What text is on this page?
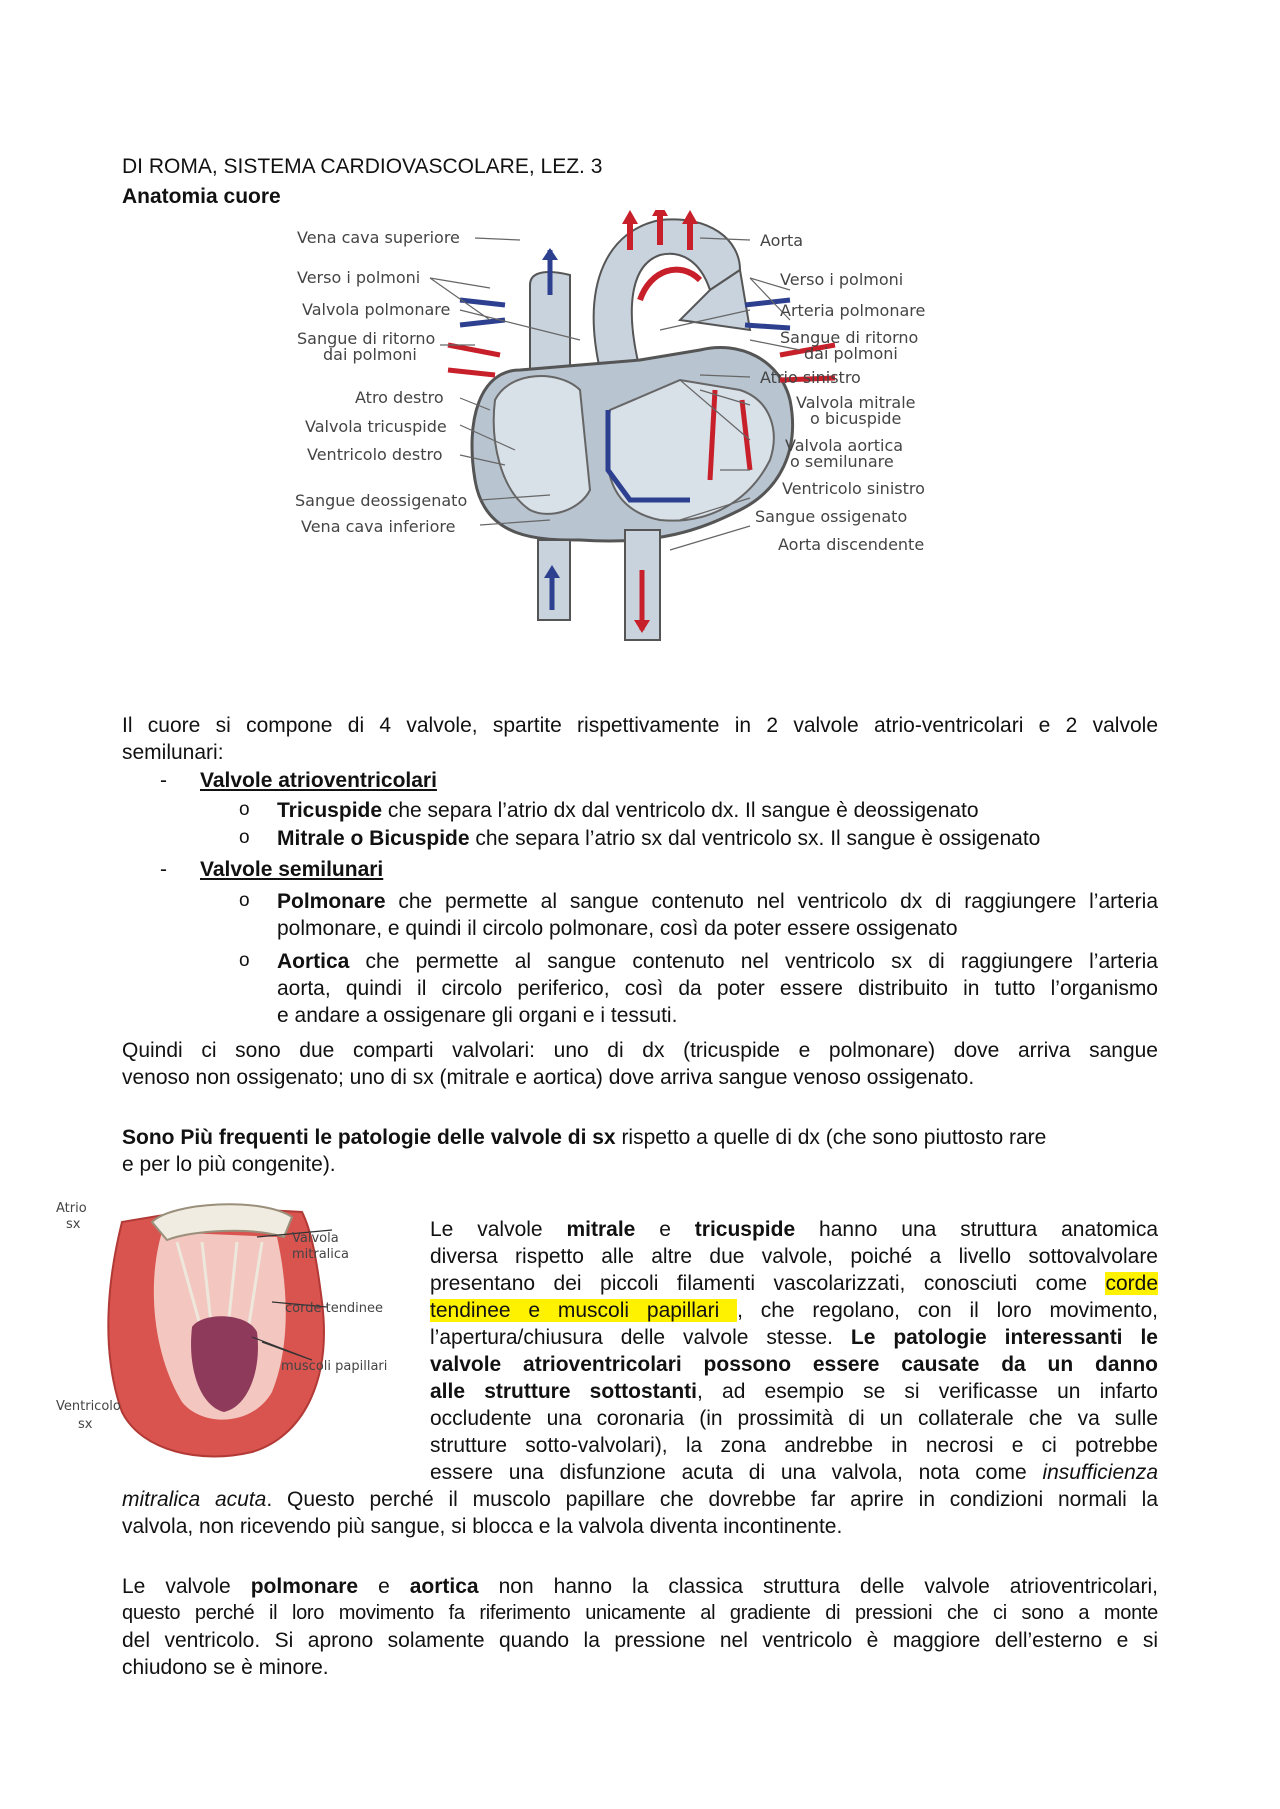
DI ROMA, SISTEMA CARDIOVASCOLARE, LEZ. 3
Anatomia cuore
Vena cava superiore
Verso i polmoni
Valvola polmonare
Sangue di ritorno
dai polmoni
Atro destro
Valvola tricuspide
Ventricolo destro
Sangue deossigenato
Vena cava inferiore
Aorta
Verso i polmoni
Arteria polmonare
Sangue di ritorno
dai polmoni
Atrio sinistro
Valvola mitrale
o bicuspide
Valvola aortica
o semilunare
Ventricolo sinistro
Sangue ossigenato
Aorta discendente
Il cuore si compone di 4 valvole, spartite rispettivamente in 2 valvole atrio-ventricolari e 2 valvole
semilunari:
- Valvole atrioventricolari
o Tricuspide che separa l’atrio dx dal ventricolo dx. Il sangue è deossigenato
o Mitrale o Bicuspide che separa l’atrio sx dal ventricolo sx. Il sangue è ossigenato
- Valvole semilunari
o Polmonare che permette al sangue contenuto nel ventricolo dx di raggiungere l’arteria
polmonare, e quindi il circolo polmonare, così da poter essere ossigenato
o Aortica che permette al sangue contenuto nel ventricolo sx di raggiungere l’arteria
aorta, quindi il circolo periferico, così da poter essere distribuito in tutto l’organismo
e andare a ossigenare gli organi e i tessuti.
Quindi ci sono due comparti valvolari: uno di dx (tricuspide e polmonare) dove arriva sangue
venoso non ossigenato; uno di sx (mitrale e aortica) dove arriva sangue venoso ossigenato.
Sono Più frequenti le patologie delle valvole di sx rispetto a quelle di dx (che sono piuttosto rare
e per lo più congenite).
Atrio
sx
Valvola
mitralica
corde tendinee
muscoli papillari
Ventricolo
sx
Le valvole mitrale e tricuspide hanno una struttura anatomica
diversa rispetto alle altre due valvole, poiché a livello sottovalvolare
presentano dei piccoli filamenti vascolarizzati, conosciuti come corde
tendinee e muscoli papillari , che regolano, con il loro movimento,
l’apertura/chiusura delle valvole stesse. Le patologie interessanti le
valvole atrioventricolari possono essere causate da un danno
alle strutture sottostanti, ad esempio se si verificasse un infarto
occludente una coronaria (in prossimità di un collaterale che va sulle
strutture sotto-valvolari), la zona andrebbe in necrosi e ci potrebbe
essere una disfunzione acuta di una valvola, nota come insufficienza
mitralica acuta. Questo perché il muscolo papillare che dovrebbe far aprire in condizioni normali la
valvola, non ricevendo più sangue, si blocca e la valvola diventa incontinente.
Le valvole polmonare e aortica non hanno la classica struttura delle valvole atrioventricolari,
questo perché il loro movimento fa riferimento unicamente al gradiente di pressioni che ci sono a monte
del ventricolo. Si aprono solamente quando la pressione nel ventricolo è maggiore dell’esterno e si
chiudono se è minore.
